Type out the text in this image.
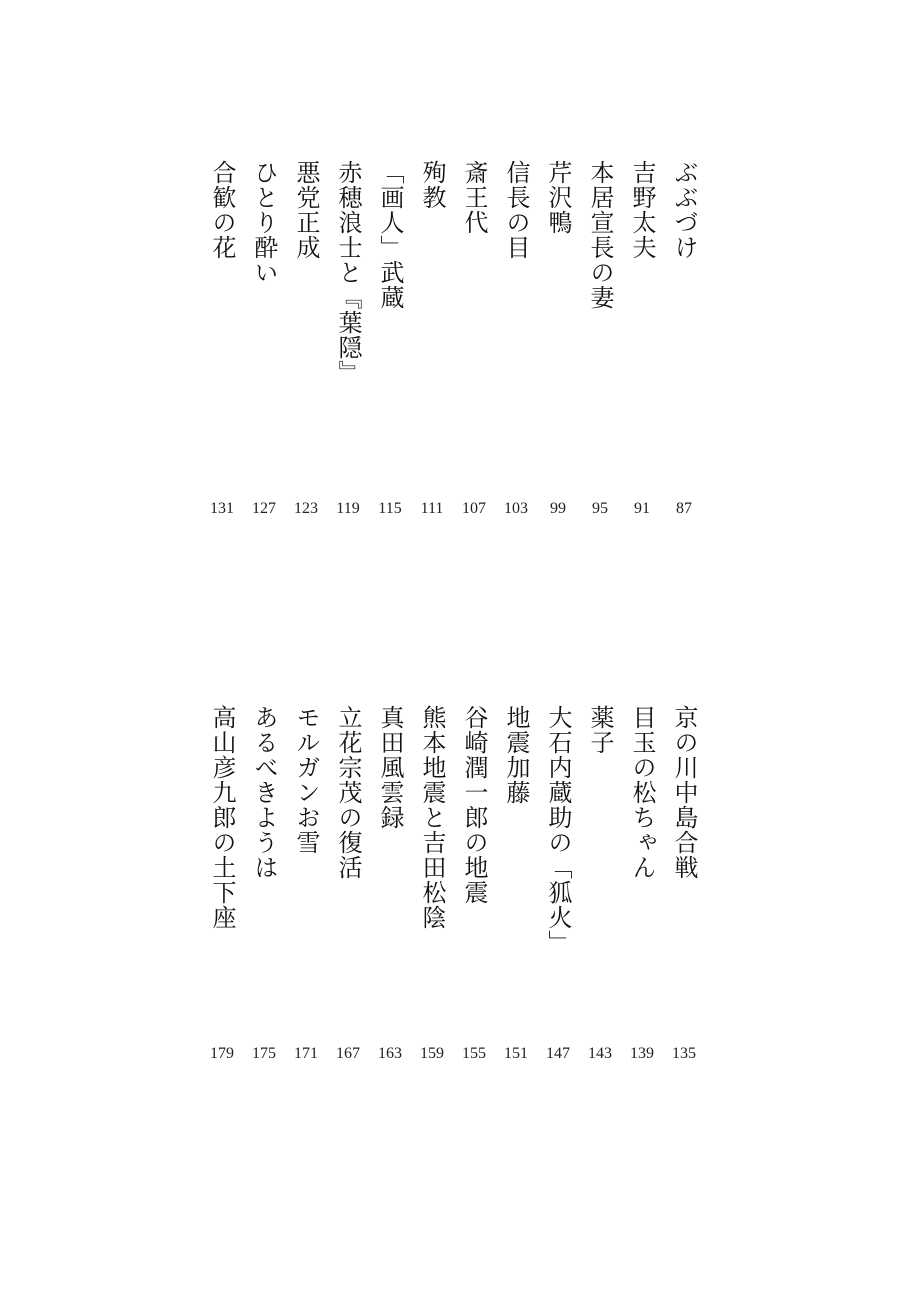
ぶぶづけ
87
吉野太夫
91
本居宣長の妻
95
芹沢鴨
99
信長の目
103
斎王代
107
殉教
111
「画人」武蔵
115
赤穂浪士と『葉隠』
119
悪党正成
123
ひとり酔い
127
合歓の花
131
京の川中島合戦
135
目玉の松ちゃん
139
薬子
143
大石内蔵助の「狐火」
147
地震加藤
151
谷崎潤一郎の地震
155
熊本地震と吉田松陰
159
真田風雲録
163
立花宗茂の復活
167
モルガンお雪
171
あるべきようは
175
高山彦九郎の土下座
179
